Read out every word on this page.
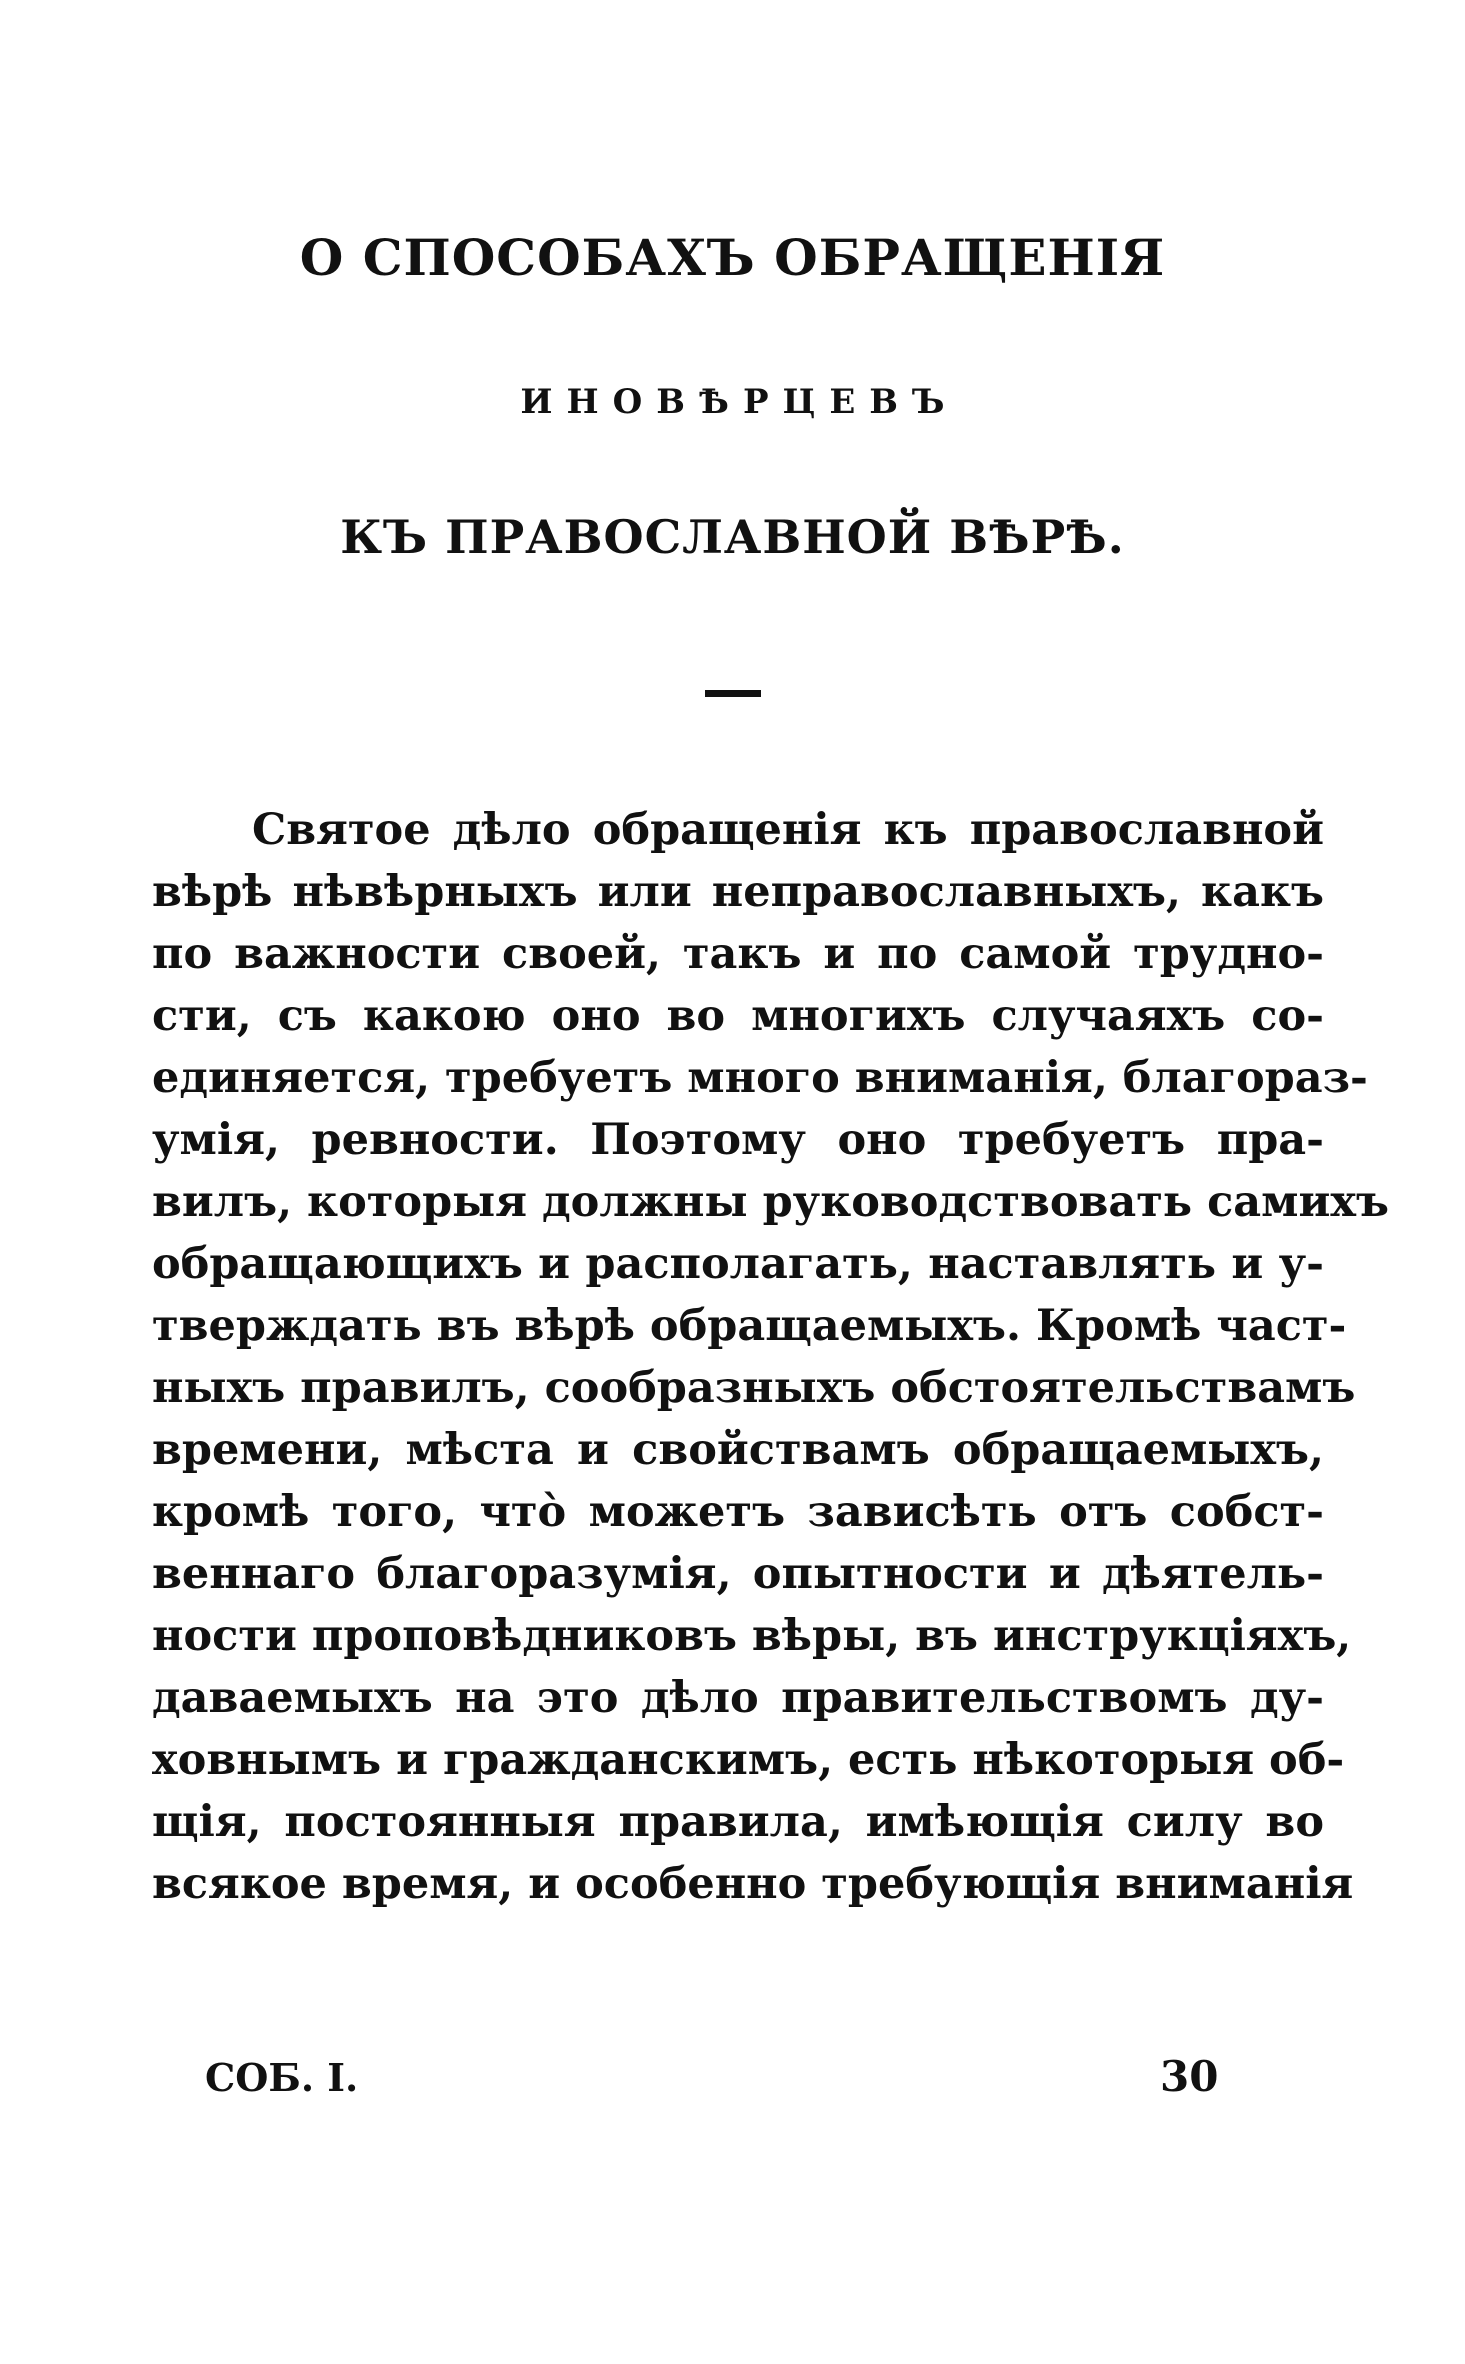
О СПОСОБАХЪ ОБРАЩЕНІЯ
ИНОВѢРЦЕВЪ
КЪ ПРАВОСЛАВНОЙ ВѢРѢ.
Святое дѣло обращенія къ православной
вѣрѣ нѣвѣрныхъ или неправославныхъ, какъ
по важности своей, такъ и по самой трудно-
сти, съ какою оно во многихъ случаяхъ со-
единяется, требуетъ много вниманія, благораз-
умія, ревности. Поэтому оно требуетъ пра-
вилъ, которыя должны руководствовать самихъ
обращающихъ и располагать, наставлять и у-
тверждать въ вѣрѣ обращаемыхъ. Кромѣ част-
ныхъ правилъ, сообразныхъ обстоятельствамъ
времени, мѣста и свойствамъ обращаемыхъ,
кромѣ того, что̀ можетъ зависѣть отъ собст-
веннаго благоразумія, опытности и дѣятель-
ности проповѣдниковъ вѣры, въ инструкціяхъ,
даваемыхъ на это дѣло правительствомъ ду-
ховнымъ и гражданскимъ, есть нѣкоторыя об-
щія, постоянныя правила, имѣющія силу во
всякое время, и особенно требующія вниманія
СОБ. I.	30
